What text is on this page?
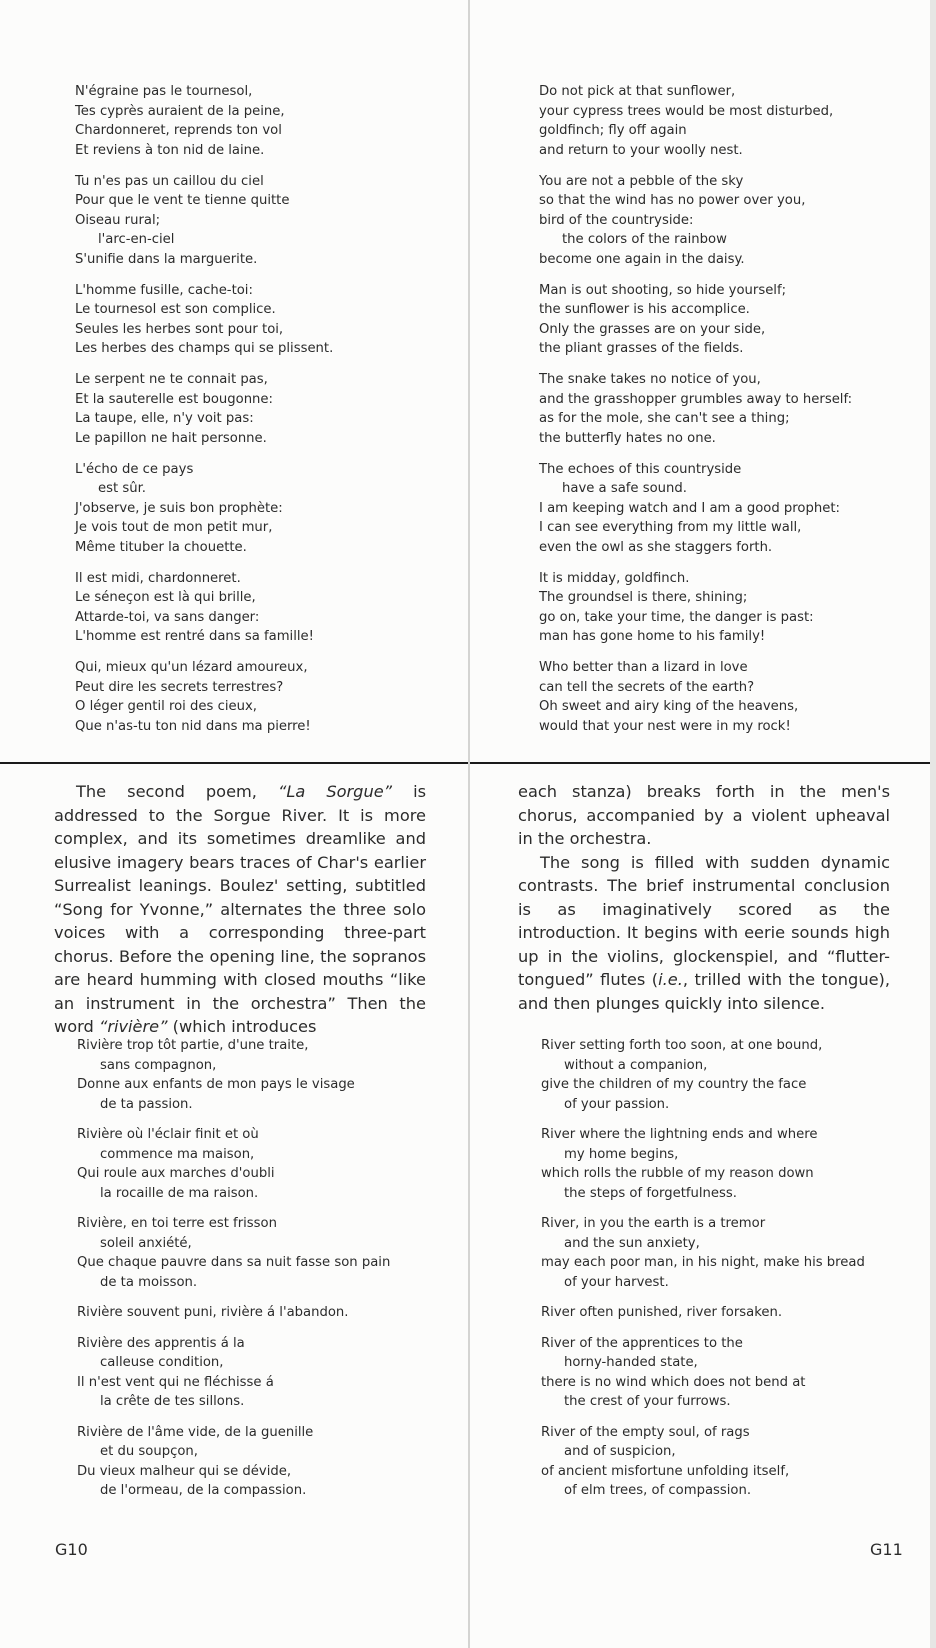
N'égraine pas le tournesol,
Tes cyprès auraient de la peine,
Chardonneret, reprends ton vol
Et reviens à ton nid de laine.
Tu n'es pas un caillou du ciel
Pour que le vent te tienne quitte
Oiseau rural;
l'arc-en-ciel
S'unifie dans la marguerite.
L'homme fusille, cache-toi:
Le tournesol est son complice.
Seules les herbes sont pour toi,
Les herbes des champs qui se plissent.
Le serpent ne te connait pas,
Et la sauterelle est bougonne:
La taupe, elle, n'y voit pas:
Le papillon ne hait personne.
L'écho de ce pays
est sûr.
J'observe, je suis bon prophète:
Je vois tout de mon petit mur,
Même tituber la chouette.
Il est midi, chardonneret.
Le séneçon est là qui brille,
Attarde-toi, va sans danger:
L'homme est rentré dans sa famille!
Qui, mieux qu'un lézard amoureux,
Peut dire les secrets terrestres?
O léger gentil roi des cieux,
Que n'as-tu ton nid dans ma pierre!

The second poem, “La Sorgue” is addressed to the Sorgue River. It is more complex, and its sometimes dreamlike and elusive imagery bears traces of Char's earlier Surrealist leanings. Boulez' setting, subtitled “Song for Yvonne,” alternates the three solo voices with a corresponding three-part chorus. Before the opening line, the sopranos are heard humming with closed mouths “like an instrument in the orchestra” Then the word “rivière” (which introduces

Rivière trop tôt partie, d'une traite,
sans compagnon,
Donne aux enfants de mon pays le visage
de ta passion.
Rivière où l'éclair finit et où
commence ma maison,
Qui roule aux marches d'oubli
la rocaille de ma raison.
Rivière, en toi terre est frisson
soleil anxiété,
Que chaque pauvre dans sa nuit fasse son pain
de ta moisson.
Rivière souvent puni, rivière á l'abandon.
Rivière des apprentis á la
calleuse condition,
Il n'est vent qui ne fléchisse á
la crête de tes sillons.
Rivière de l'âme vide, de la guenille
et du soupçon,
Du vieux malheur qui se dévide,
de l'ormeau, de la compassion.
G10
Do not pick at that sunflower,
your cypress trees would be most disturbed,
goldfinch; fly off again
and return to your woolly nest.
You are not a pebble of the sky
so that the wind has no power over you,
bird of the countryside:
the colors of the rainbow
become one again in the daisy.
Man is out shooting, so hide yourself;
the sunflower is his accomplice.
Only the grasses are on your side,
the pliant grasses of the fields.
The snake takes no notice of you,
and the grasshopper grumbles away to herself:
as for the mole, she can't see a thing;
the butterfly hates no one.
The echoes of this countryside
have a safe sound.
I am keeping watch and I am a good prophet:
I can see everything from my little wall,
even the owl as she staggers forth.
It is midday, goldfinch.
The groundsel is there, shining;
go on, take your time, the danger is past:
man has gone home to his family!
Who better than a lizard in love
can tell the secrets of the earth?
Oh sweet and airy king of the heavens,
would that your nest were in my rock!

each stanza) breaks forth in the men's chorus, accompanied by a violent upheaval in the orchestra.

The song is filled with sudden dynamic contrasts. The brief instrumental conclusion is as imaginatively scored as the introduction. It begins with eerie sounds high up in the violins, glockenspiel, and “flutter-tongued” flutes (i.e., trilled with the tongue), and then plunges quickly into silence.

River setting forth too soon, at one bound,
without a companion,
give the children of my country the face
of your passion.
River where the lightning ends and where
my home begins,
which rolls the rubble of my reason down
the steps of forgetfulness.
River, in you the earth is a tremor
and the sun anxiety,
may each poor man, in his night, make his bread
of your harvest.
River often punished, river forsaken.
River of the apprentices to the
horny-handed state,
there is no wind which does not bend at
the crest of your furrows.
River of the empty soul, of rags
and of suspicion,
of ancient misfortune unfolding itself,
of elm trees, of compassion.
G11
